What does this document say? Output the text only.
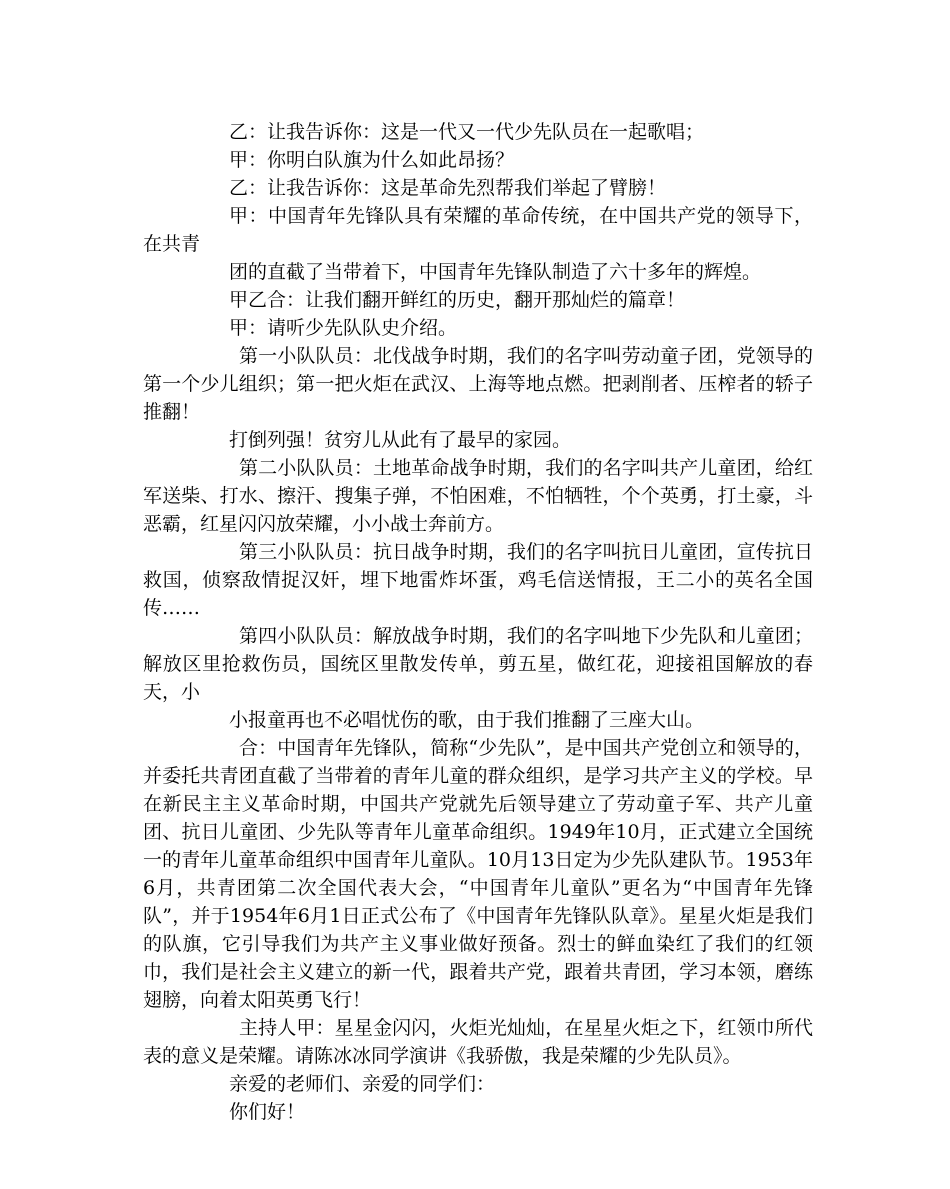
乙：让我告诉你：这是一代又一代少先队员在一起歌唱；

甲：你明白队旗为什么如此昂扬？

乙：让我告诉你：这是革命先烈帮我们举起了臂膀！

甲：中国青年先锋队具有荣耀的革命传统，在中国共产党的领导下，在共青

团的直截了当带着下，中国青年先锋队制造了六十多年的辉煌。

甲乙合：让我们翻开鲜红的历史，翻开那灿烂的篇章！

甲：请听少先队队史介绍。

第一小队队员：北伐战争时期，我们的名字叫劳动童子团，党领导的第一个少儿组织；第一把火炬在武汉、上海等地点燃。把剥削者、压榨者的轿子推翻！

打倒列强！贫穷儿从此有了最早的家园。

第二小队队员：土地革命战争时期，我们的名字叫共产儿童团，给红军送柴、打水、擦汗、搜集子弹，不怕困难，不怕牺牲，个个英勇，打土豪，斗恶霸，红星闪闪放荣耀，小小战士奔前方。

第三小队队员：抗日战争时期，我们的名字叫抗日儿童团，宣传抗日救国，侦察敌情捉汉奸，埋下地雷炸坏蛋，鸡毛信送情报，王二小的英名全国传……

第四小队队员：解放战争时期，我们的名字叫地下少先队和儿童团；解放区里抢救伤员，国统区里散发传单，剪五星，做红花，迎接祖国解放的春天，小

小报童再也不必唱忧伤的歌，由于我们推翻了三座大山。

合：中国青年先锋队，简称“少先队”，是中国共产党创立和领导的，并委托共青团直截了当带着的青年儿童的群众组织，是学习共产主义的学校。早在新民主主义革命时期，中国共产党就先后领导建立了劳动童子军、共产儿童团、抗日儿童团、少先队等青年儿童革命组织。1949年10月，正式建立全国统一的青年儿童革命组织中国青年儿童队。10月13日定为少先队建队节。1953年6月，共青团第二次全国代表大会，“中国青年儿童队”更名为“中国青年先锋队”，并于1954年6月1日正式公布了《中国青年先锋队队章》。星星火炬是我们的队旗，它引导我们为共产主义事业做好预备。烈士的鲜血染红了我们的红领巾，我们是社会主义建立的新一代，跟着共产党，跟着共青团，学习本领，磨练翅膀，向着太阳英勇飞行！

主持人甲：星星金闪闪，火炬光灿灿，在星星火炬之下，红领巾所代表的意义是荣耀。请陈冰冰同学演讲《我骄傲，我是荣耀的少先队员》。

亲爱的老师们、亲爱的同学们：

你们好！
